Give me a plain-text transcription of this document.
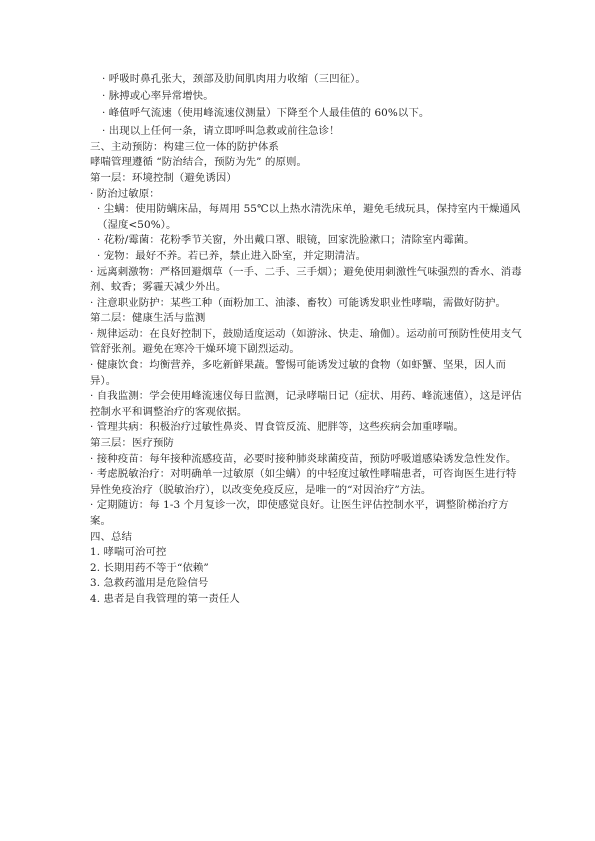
· 呼吸时鼻孔张大，颈部及肋间肌肉用力收缩（三凹征）。
· 脉搏或心率异常增快。
· 峰值呼气流速（使用峰流速仪测量）下降至个人最佳值的 60%以下。
· 出现以上任何一条，请立即呼叫急救或前往急诊！
三、主动预防：构建三位一体的防护体系
哮喘管理遵循 “防治结合，预防为先” 的原则。
第一层：环境控制（避免诱因）
· 防治过敏原：
· 尘螨：使用防螨床品，每周用 55℃以上热水清洗床单，避免毛绒玩具，保持室内干燥通风（湿度<50%）。
· 花粉/霉菌：花粉季节关窗，外出戴口罩、眼镜，回家洗脸漱口；清除室内霉菌。
· 宠物：最好不养。若已养，禁止进入卧室，并定期清洁。
· 远离刺激物：严格回避烟草（一手、二手、三手烟）；避免使用刺激性气味强烈的香水、消毒剂、蚊香；雾霾天减少外出。
· 注意职业防护：某些工种（面粉加工、油漆、畜牧）可能诱发职业性哮喘，需做好防护。
第二层：健康生活与监测
· 规律运动：在良好控制下，鼓励适度运动（如游泳、快走、瑜伽）。运动前可预防性使用支气管舒张剂。避免在寒冷干燥环境下剧烈运动。
· 健康饮食：均衡营养，多吃新鲜果蔬。警惕可能诱发过敏的食物（如虾蟹、坚果，因人而异）。
· 自我监测：学会使用峰流速仪每日监测，记录哮喘日记（症状、用药、峰流速值），这是评估控制水平和调整治疗的客观依据。
· 管理共病：积极治疗过敏性鼻炎、胃食管反流、肥胖等，这些疾病会加重哮喘。
第三层：医疗预防
· 接种疫苗：每年接种流感疫苗，必要时接种肺炎球菌疫苗，预防呼吸道感染诱发急性发作。
· 考虑脱敏治疗：对明确单一过敏原（如尘螨）的中轻度过敏性哮喘患者，可咨询医生进行特异性免疫治疗（脱敏治疗），以改变免疫反应，是唯一的“对因治疗”方法。
· 定期随访：每 1-3 个月复诊一次，即使感觉良好。让医生评估控制水平，调整阶梯治疗方案。
四、总结
1. 哮喘可治可控
2. 长期用药不等于“依赖”
3. 急救药滥用是危险信号
4. 患者是自我管理的第一责任人
